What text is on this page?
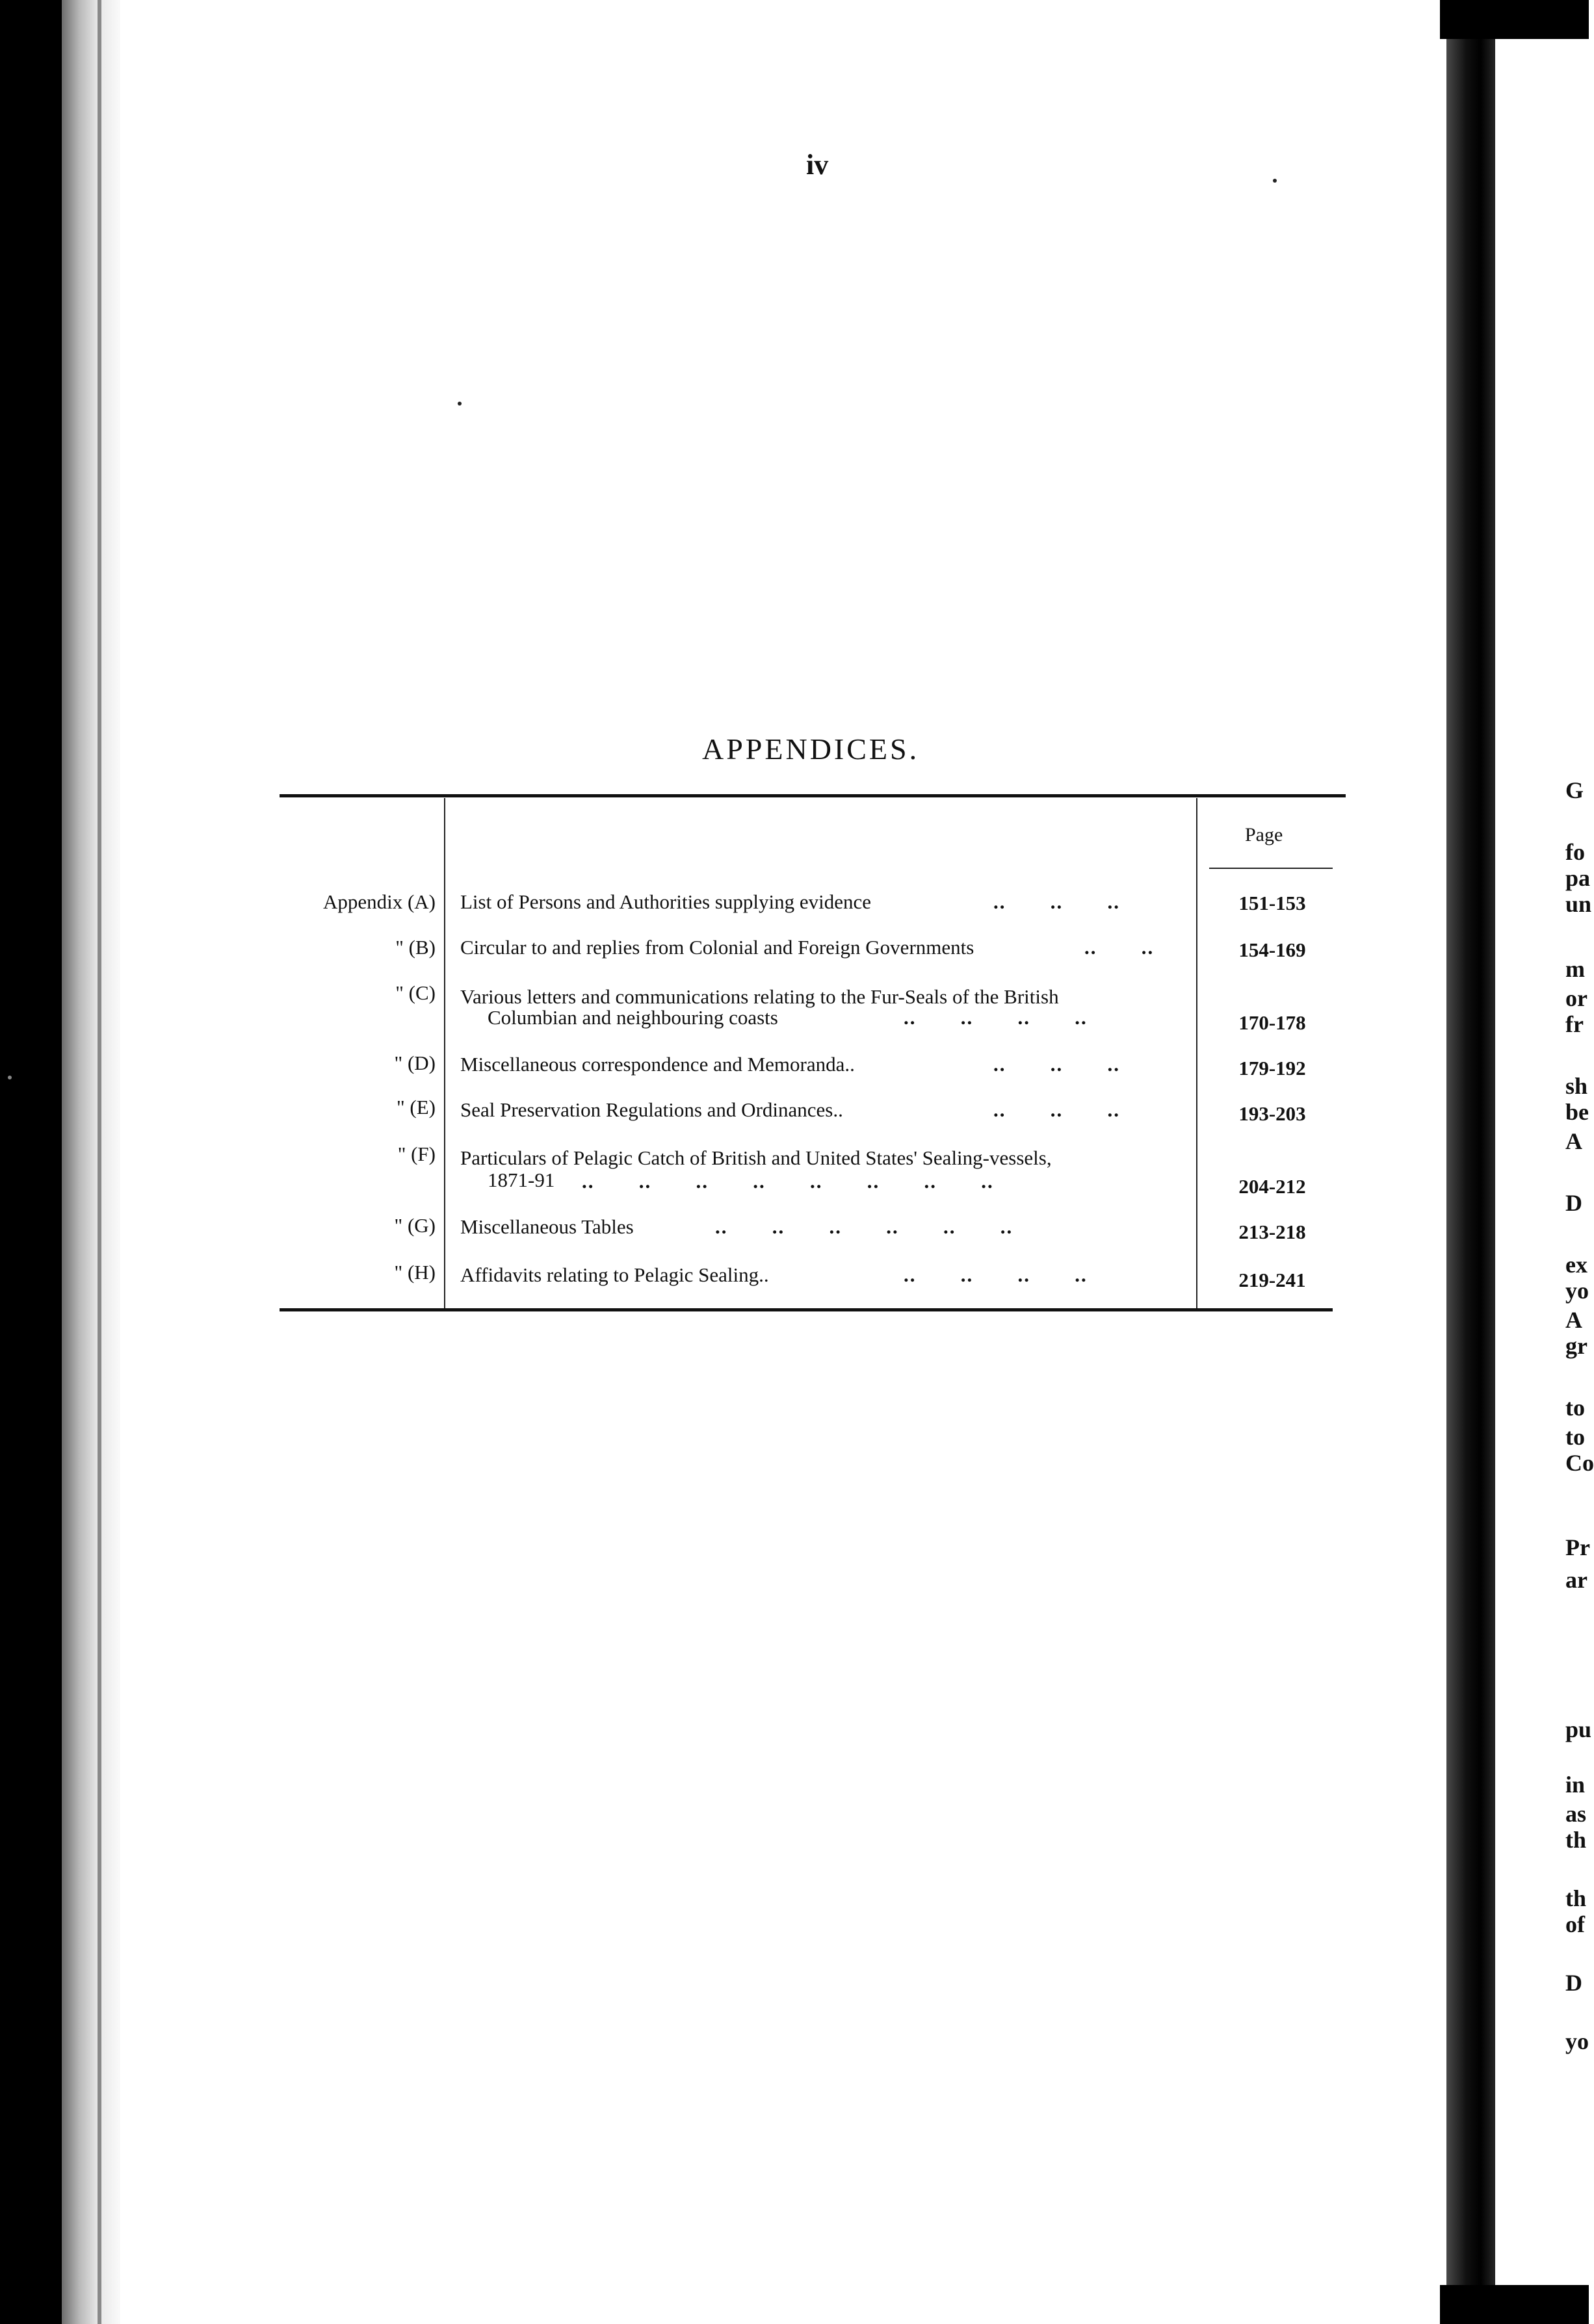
iv
APPENDICES.
Page
Appendix (A) List of Persons and Authorities supplying evidence	..       ..       ..	151-153
" (B) Circular to and replies from Colonial and Foreign Governments	..       ..	154-169
" (C) Various letters and communications relating to the Fur-Seals of the British
Columbian and neighbouring coasts	..       ..       ..       ..	170-178
" (D) Miscellaneous correspondence and Memoranda..	..       ..       ..	179-192
" (E) Seal Preservation Regulations and Ordinances..	..       ..       ..	193-203
" (F) Particulars of Pelagic Catch of British and United States' Sealing-vessels,
1871-91 ..       ..       ..       ..       ..       ..       ..       ..	204-212
" (G) Miscellaneous Tables	..       ..       ..       ..       ..       ..	213-218
" (H) Affidavits relating to Pelagic Sealing..	..       ..       ..       ..	219-241
G
fo
pa
un
m
or
fr
sh
be
A
D
ex
yo
A
gr
to
to
Co
Pr
ar
pu
in
as
th
th
of
D
yo
